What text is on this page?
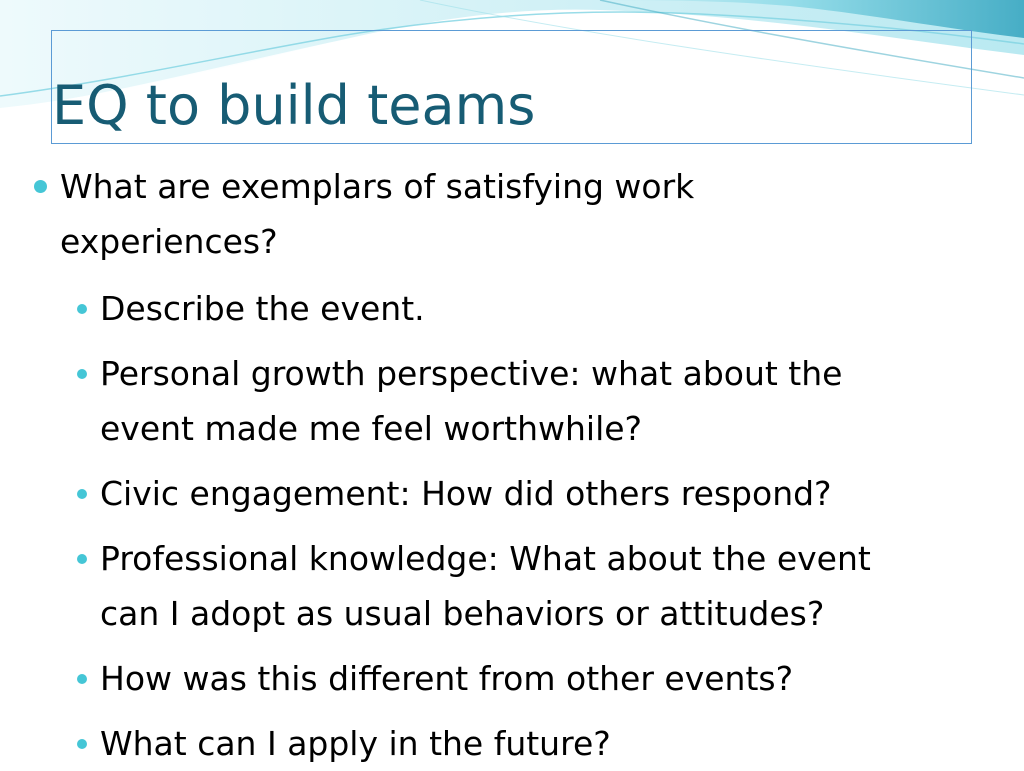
EQ to build teams
What are exemplars of satisfying work
experiences?
Describe the event.
Personal growth perspective: what about the
event made me feel worthwhile?
Civic engagement: How did others respond?
Professional knowledge: What about the event
can I adopt as usual behaviors or attitudes?
How was this different from other events?
What can I apply in the future?
